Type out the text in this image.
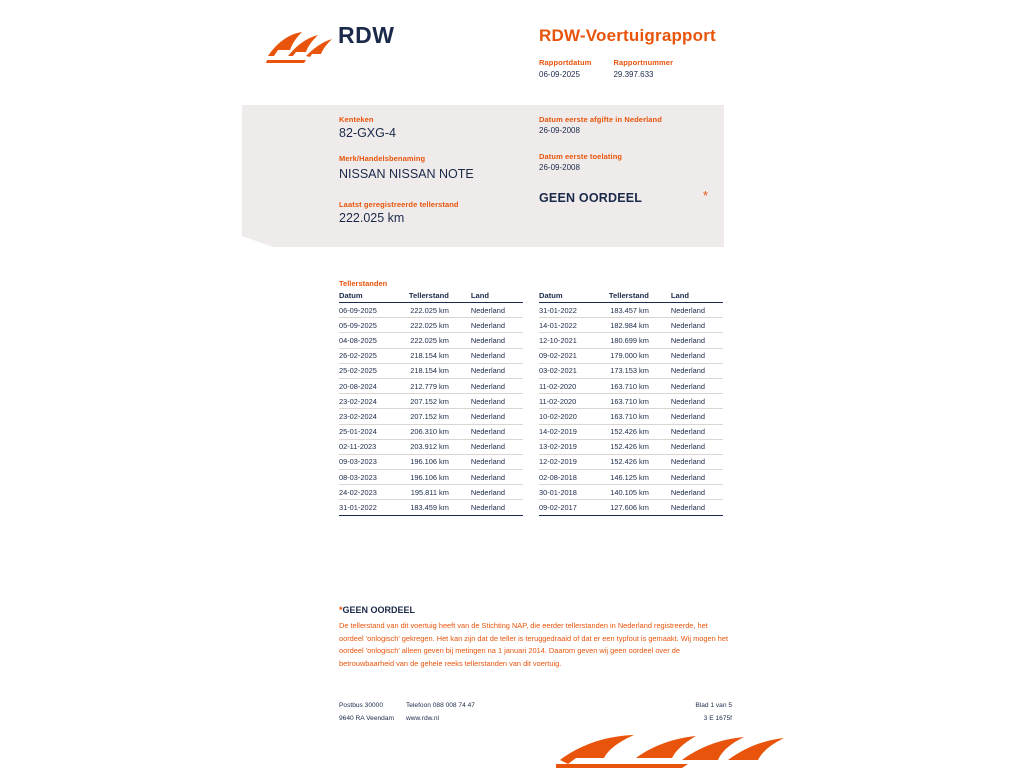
RDW	RDW-Voertuigrapport
Rapportdatum
06-09-2025

Rapportnummer
29.397.633
Kenteken
82-GXG-4
Merk/Handelsbenaming
NISSAN NISSAN NOTE
Laatst geregistreerde tellerstand
222.025 km
Datum eerste afgifte in Nederland
26-09-2008
Datum eerste toelating
26-09-2008
GEEN OORDEEL	*
Tellerstanden
Datum	Tellerstand	Land
06-09-2025	222.025 km	Nederland
05-09-2025	222.025 km	Nederland
04-08-2025	222.025 km	Nederland
26-02-2025	218.154 km	Nederland
25-02-2025	218.154 km	Nederland
20-08-2024	212.779 km	Nederland
23-02-2024	207.152 km	Nederland
23-02-2024	207.152 km	Nederland
25-01-2024	206.310 km	Nederland
02-11-2023	203.912 km	Nederland
09-03-2023	196.106 km	Nederland
08-03-2023	196.106 km	Nederland
24-02-2023	195.811 km	Nederland
31-01-2022	183.459 km	Nederland
Datum	Tellerstand	Land
31-01-2022	183.457 km	Nederland
14-01-2022	182.984 km	Nederland
12-10-2021	180.699 km	Nederland
09-02-2021	179.000 km	Nederland
03-02-2021	173.153 km	Nederland
11-02-2020	163.710 km	Nederland
11-02-2020	163.710 km	Nederland
10-02-2020	163.710 km	Nederland
14-02-2019	152.426 km	Nederland
13-02-2019	152.426 km	Nederland
12-02-2019	152.426 km	Nederland
02-08-2018	146.125 km	Nederland
30-01-2018	140.105 km	Nederland
09-02-2017	127.606 km	Nederland
*GEEN OORDEEL
De tellerstand van dit voertuig heeft van de Stichting NAP, die eerder tellerstanden in Nederland registreerde, het oordeel 'onlogisch' gekregen. Het kan zijn dat de teller is teruggedraaid of dat er een typfout is gemaakt. Wij mogen het oordeel 'onlogisch' alleen geven bij metingen na 1 januari 2014. Daarom geven wij geen oordeel over de betrouwbaarheid van de gehele reeks tellerstanden van dit voertuig.
Postbus 30000
9640 RA Veendam
Telefoon 088 008 74 47
www.rdw.nl
Blad 1 van 5
3 E 1675f
